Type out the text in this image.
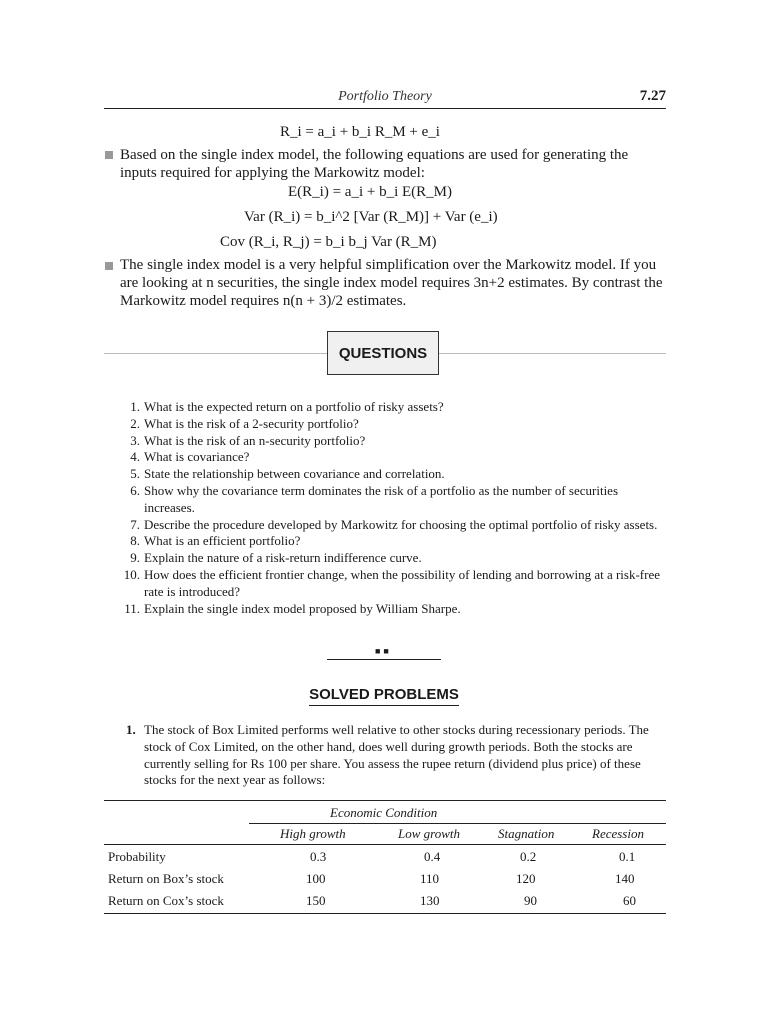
Portfolio Theory	7.27
R_i = a_i + b_i R_M + e_i
Based on the single index model, the following equations are used for generating the inputs required for applying the Markowitz model:
E(R_i) = a_i + b_i E(R_M)
Var (R_i) = b_i^2 [Var (R_M)] + Var (e_i)
Cov (R_i, R_j) = b_i b_j Var (R_M)
The single index model is a very helpful simplification over the Markowitz model. If you are looking at n securities, the single index model requires 3n+2 estimates. By contrast the Markowitz model requires n(n + 3)/2 estimates.
QUESTIONS
1. What is the expected return on a portfolio of risky assets?
2. What is the risk of a 2-security portfolio?
3. What is the risk of an n-security portfolio?
4. What is covariance?
5. State the relationship between covariance and correlation.
6. Show why the covariance term dominates the risk of a portfolio as the number of securities increases.
7. Describe the procedure developed by Markowitz for choosing the optimal portfolio of risky assets.
8. What is an efficient portfolio?
9. Explain the nature of a risk-return indifference curve.
10. How does the efficient frontier change, when the possibility of lending and borrowing at a risk-free rate is introduced?
11. Explain the single index model proposed by William Sharpe.
■■
SOLVED PROBLEMS
1. The stock of Box Limited performs well relative to other stocks during recessionary periods. The stock of Cox Limited, on the other hand, does well during growth periods. Both the stocks are currently selling for Rs 100 per share. You assess the rupee return (dividend plus price) of these stocks for the next year as follows:
Economic Condition
High growth	Low growth	Stagnation	Recession
Probability	0.3	0.4	0.2	0.1
Return on Box’s stock	100	110	120	140
Return on Cox’s stock	150	130	90	60
